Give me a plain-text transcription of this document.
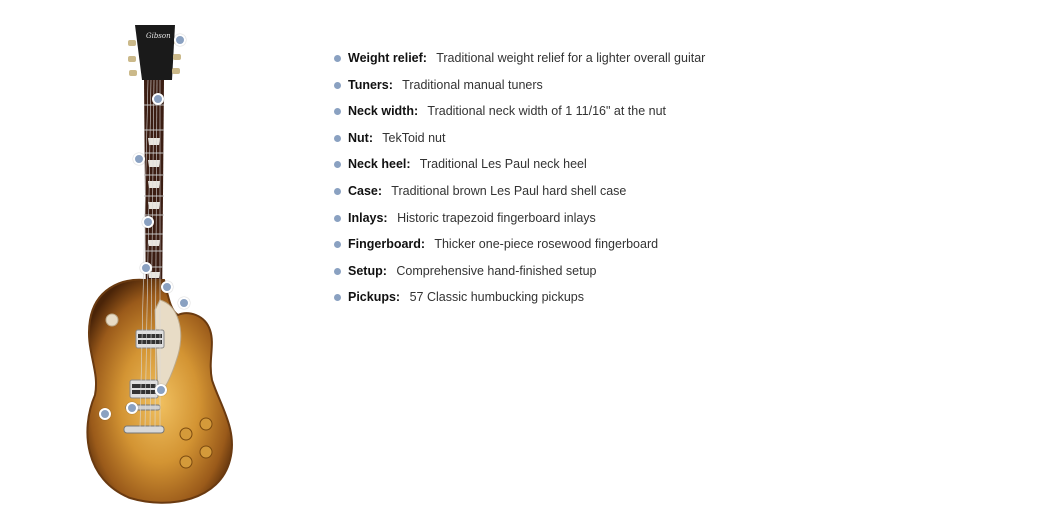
Gibson
Weight relief: Traditional weight relief for a lighter overall guitar
Tuners: Traditional manual tuners
Neck width: Traditional neck width of 1 11/16" at the nut
Nut: TekToid nut
Neck heel: Traditional Les Paul neck heel
Case: Traditional brown Les Paul hard shell case
Inlays: Historic trapezoid fingerboard inlays
Fingerboard: Thicker one-piece rosewood fingerboard
Setup: Comprehensive hand-finished setup
Pickups: 57 Classic humbucking pickups
